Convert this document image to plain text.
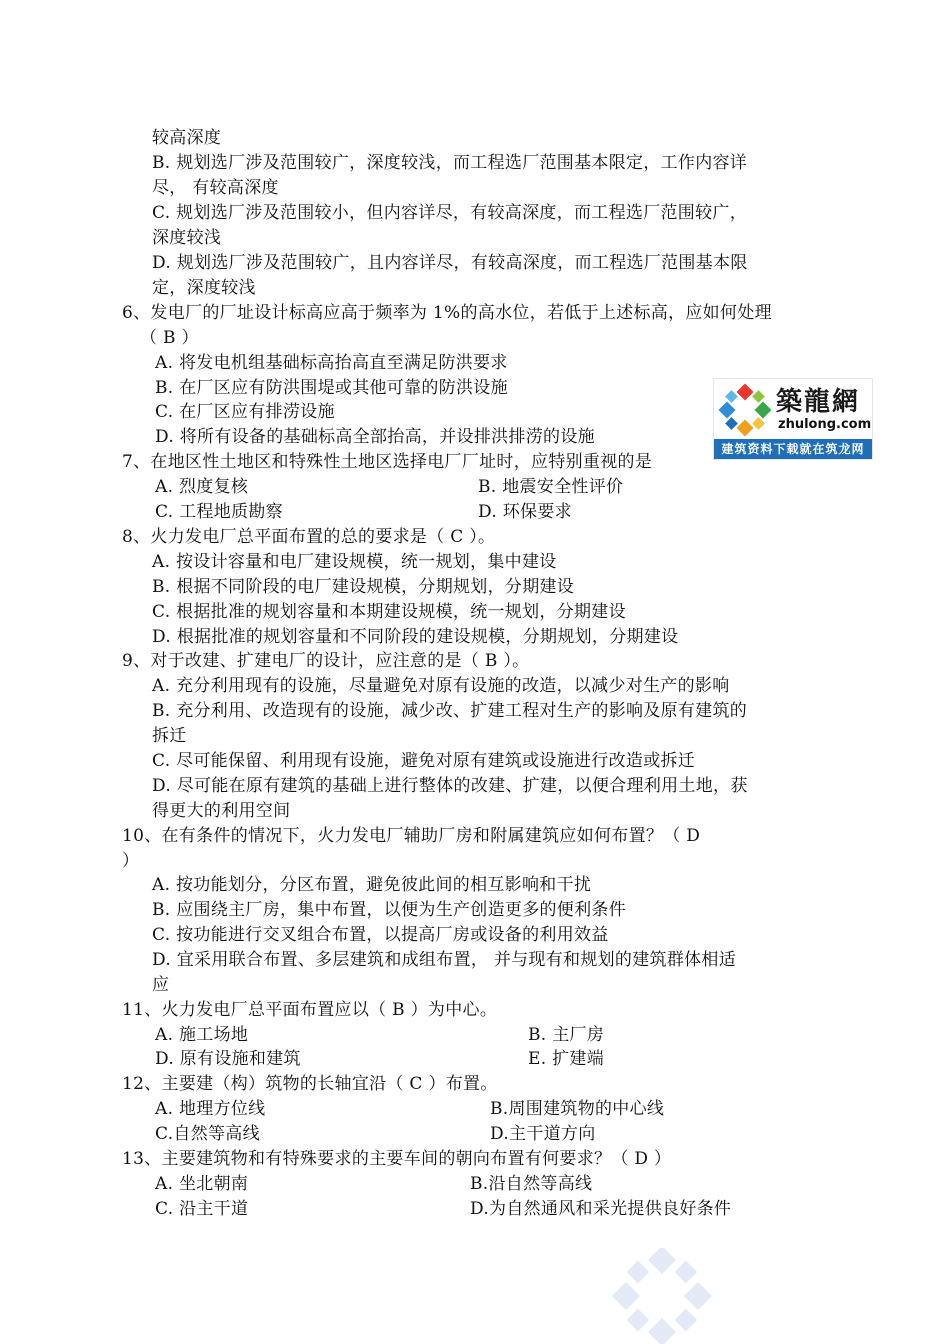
较高深度
B. 规划选厂涉及范围较广，深度较浅，而工程选厂范围基本限定，工作内容详
尽， 有较高深度
C. 规划选厂涉及范围较小，但内容详尽，有较高深度，而工程选厂范围较广，
深度较浅
D. 规划选厂涉及范围较广，且内容详尽，有较高深度，而工程选厂范围基本限
定，深度较浅
6、发电厂的厂址设计标高应高于频率为 1%的高水位，若低于上述标高，应如何处理
（ B ）
A. 将发电机组基础标高抬高直至满足防洪要求
B. 在厂区应有防洪围堤或其他可靠的防洪设施
C. 在厂区应有排涝设施
D. 将所有设备的基础标高全部抬高，并设排洪排涝的设施
7、在地区性土地区和特殊性土地区选择电厂厂址时，应特别重视的是
A. 烈度复核	B. 地震安全性评价
C. 工程地质勘察	D. 环保要求
8、火力发电厂总平面布置的总的要求是（ C ）。
A. 按设计容量和电厂建设规模，统一规划，集中建设
B. 根据不同阶段的电厂建设规模，分期规划，分期建设
C. 根据批准的规划容量和本期建设规模，统一规划，分期建设
D. 根据批准的规划容量和不同阶段的建设规模，分期规划，分期建设
9、对于改建、扩建电厂的设计，应注意的是（ B ）。
A. 充分利用现有的设施，尽量避免对原有设施的改造，以减少对生产的影响
B. 充分利用、改造现有的设施，减少改、扩建工程对生产的影响及原有建筑的
拆迁
C. 尽可能保留、利用现有设施，避免对原有建筑或设施进行改造或拆迁
D. 尽可能在原有建筑的基础上进行整体的改建、扩建，以便合理利用土地，获
得更大的利用空间
10、在有条件的情况下，火力发电厂辅助厂房和附属建筑应如何布置？（ D
）
A. 按功能划分，分区布置，避免彼此间的相互影响和干扰
B. 应围绕主厂房，集中布置，以便为生产创造更多的便利条件
C. 按功能进行交叉组合布置，以提高厂房或设备的利用效益
D. 宜采用联合布置、多层建筑和成组布置， 并与现有和规划的建筑群体相适
应
11、火力发电厂总平面布置应以（ B ）为中心。
A. 施工场地	B. 主厂房
D. 原有设施和建筑	E. 扩建端
12、主要建（构）筑物的长轴宜沿（ C ）布置。
A. 地理方位线	B.周围建筑物的中心线
C.自然等高线	D.主干道方向
13、主要建筑物和有特殊要求的主要车间的朝向布置有何要求？（ D ）
A. 坐北朝南	B.沿自然等高线
C. 沿主干道	D.为自然通风和采光提供良好条件
築龍網
zhulong.com
建筑资料下载就在筑龙网
